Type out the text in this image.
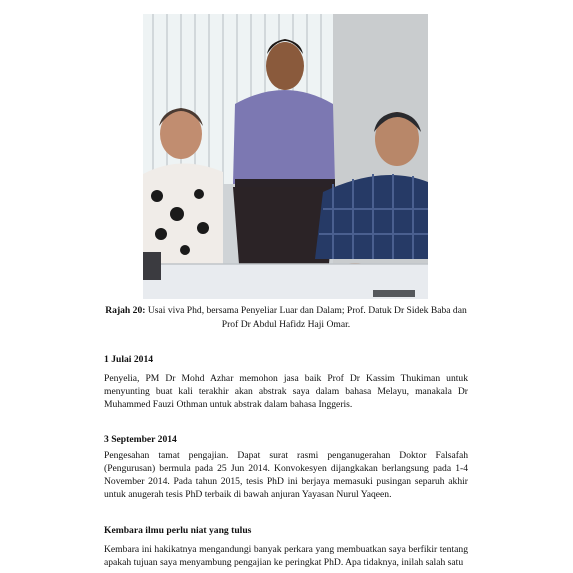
Rajah 20: Usai viva Phd, bersama Penyeliar Luar dan Dalam; Prof. Datuk Dr Sidek Baba dan Prof Dr Abdul Hafidz Haji Omar.
1 Julai 2014
Penyelia, PM Dr Mohd Azhar memohon jasa baik Prof Dr Kassim Thukiman untuk menyunting buat kali terakhir akan abstrak saya dalam bahasa Melayu, manakala Dr Muhammed Fauzi Othman untuk abstrak dalam bahasa Inggeris.
3 September 2014
Pengesahan tamat pengajian. Dapat surat rasmi penganugerahan Doktor Falsafah (Pengurusan) bermula pada 25 Jun 2014. Konvokesyen dijangkakan berlangsung pada 1-4 November 2014. Pada tahun 2015, tesis PhD ini berjaya memasuki pusingan separuh akhir untuk anugerah tesis PhD terbaik di bawah anjuran Yayasan Nurul Yaqeen.
Kembara ilmu perlu niat yang tulus
Kembara ini hakikatnya mengandungi banyak perkara yang membuatkan saya berfikir tentang apakah tujuan saya menyambung pengajian ke peringkat PhD. Apa tidaknya, inilah salah satu
